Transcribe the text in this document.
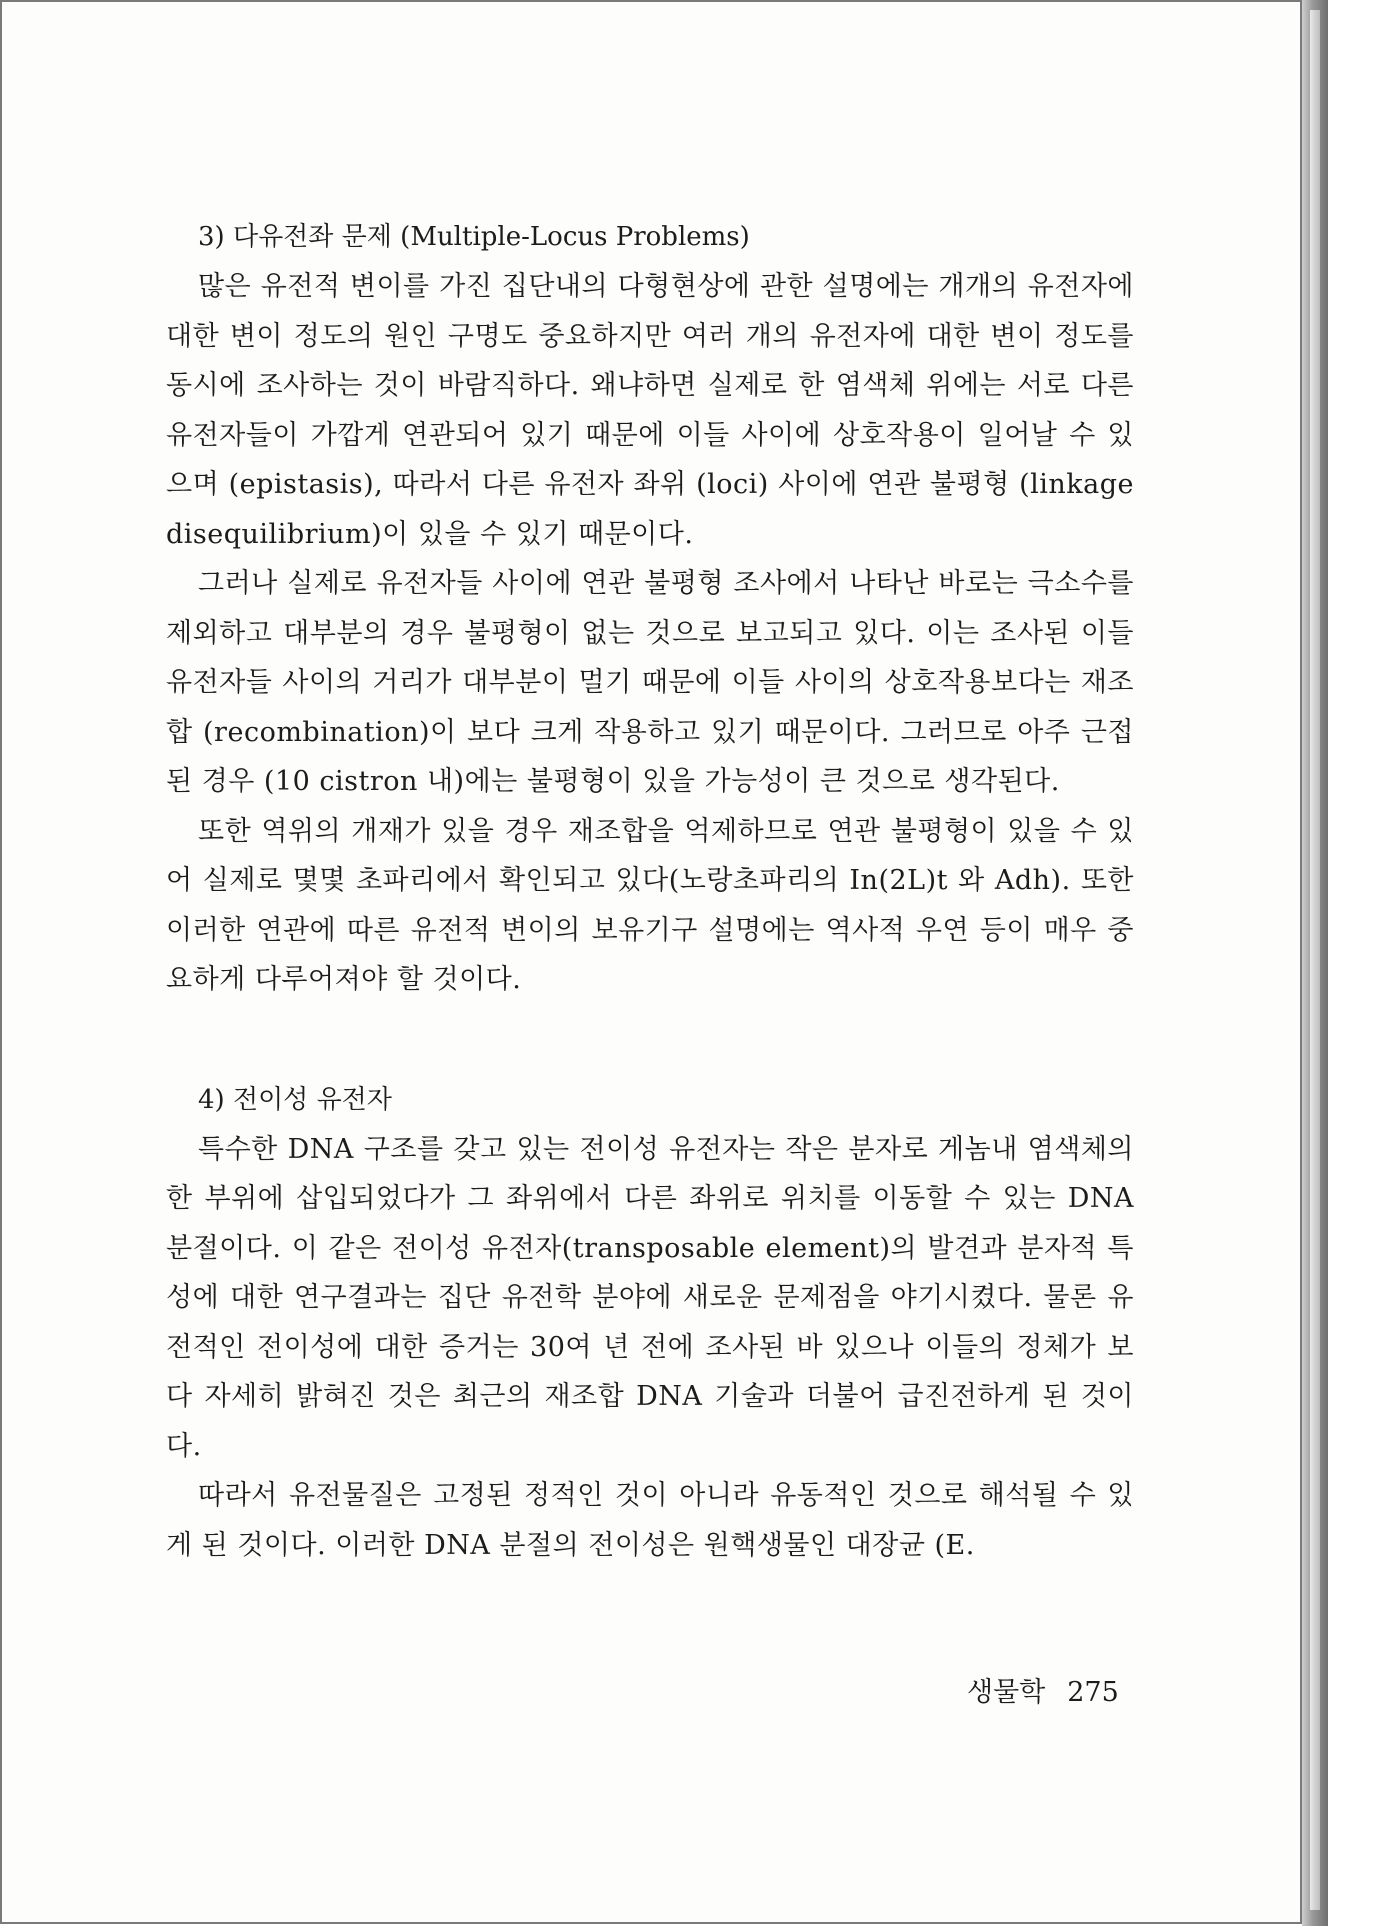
3) 다유전좌 문제 (Multiple-Locus Problems)

많은 유전적 변이를 가진 집단내의 다형현상에 관한 설명에는 개개의 유전자에 대한 변이 정도의 원인 구명도 중요하지만 여러 개의 유전자에 대한 변이 정도를 동시에 조사하는 것이 바람직하다. 왜냐하면 실제로 한 염색체 위에는 서로 다른 유전자들이 가깝게 연관되어 있기 때문에 이들 사이에 상호작용이 일어날 수 있으며 (epistasis), 따라서 다른 유전자 좌위 (loci) 사이에 연관 불평형 (linkage disequilibrium)이 있을 수 있기 때문이다.

그러나 실제로 유전자들 사이에 연관 불평형 조사에서 나타난 바로는 극소수를 제외하고 대부분의 경우 불평형이 없는 것으로 보고되고 있다. 이는 조사된 이들 유전자들 사이의 거리가 대부분이 멀기 때문에 이들 사이의 상호작용보다는 재조합 (recombination)이 보다 크게 작용하고 있기 때문이다. 그러므로 아주 근접된 경우 (10 cistron 내)에는 불평형이 있을 가능성이 큰 것으로 생각된다.

또한 역위의 개재가 있을 경우 재조합을 억제하므로 연관 불평형이 있을 수 있어 실제로 몇몇 초파리에서 확인되고 있다(노랑초파리의 In(2L)t 와 Adh). 또한 이러한 연관에 따른 유전적 변이의 보유기구 설명에는 역사적 우연 등이 매우 중요하게 다루어져야 할 것이다.

4) 전이성 유전자

특수한 DNA 구조를 갖고 있는 전이성 유전자는 작은 분자로 게놈내 염색체의 한 부위에 삽입되었다가 그 좌위에서 다른 좌위로 위치를 이동할 수 있는 DNA 분절이다. 이 같은 전이성 유전자(transposable element)의 발견과 분자적 특성에 대한 연구결과는 집단 유전학 분야에 새로운 문제점을 야기시켰다. 물론 유전적인 전이성에 대한 증거는 30여 년 전에 조사된 바 있으나 이들의 정체가 보다 자세히 밝혀진 것은 최근의 재조합 DNA 기술과 더불어 급진전하게 된 것이다.

따라서 유전물질은 고정된 정적인 것이 아니라 유동적인 것으로 해석될 수 있게 된 것이다. 이러한 DNA 분절의 전이성은 원핵생물인 대장균 (E.

생물학 275
